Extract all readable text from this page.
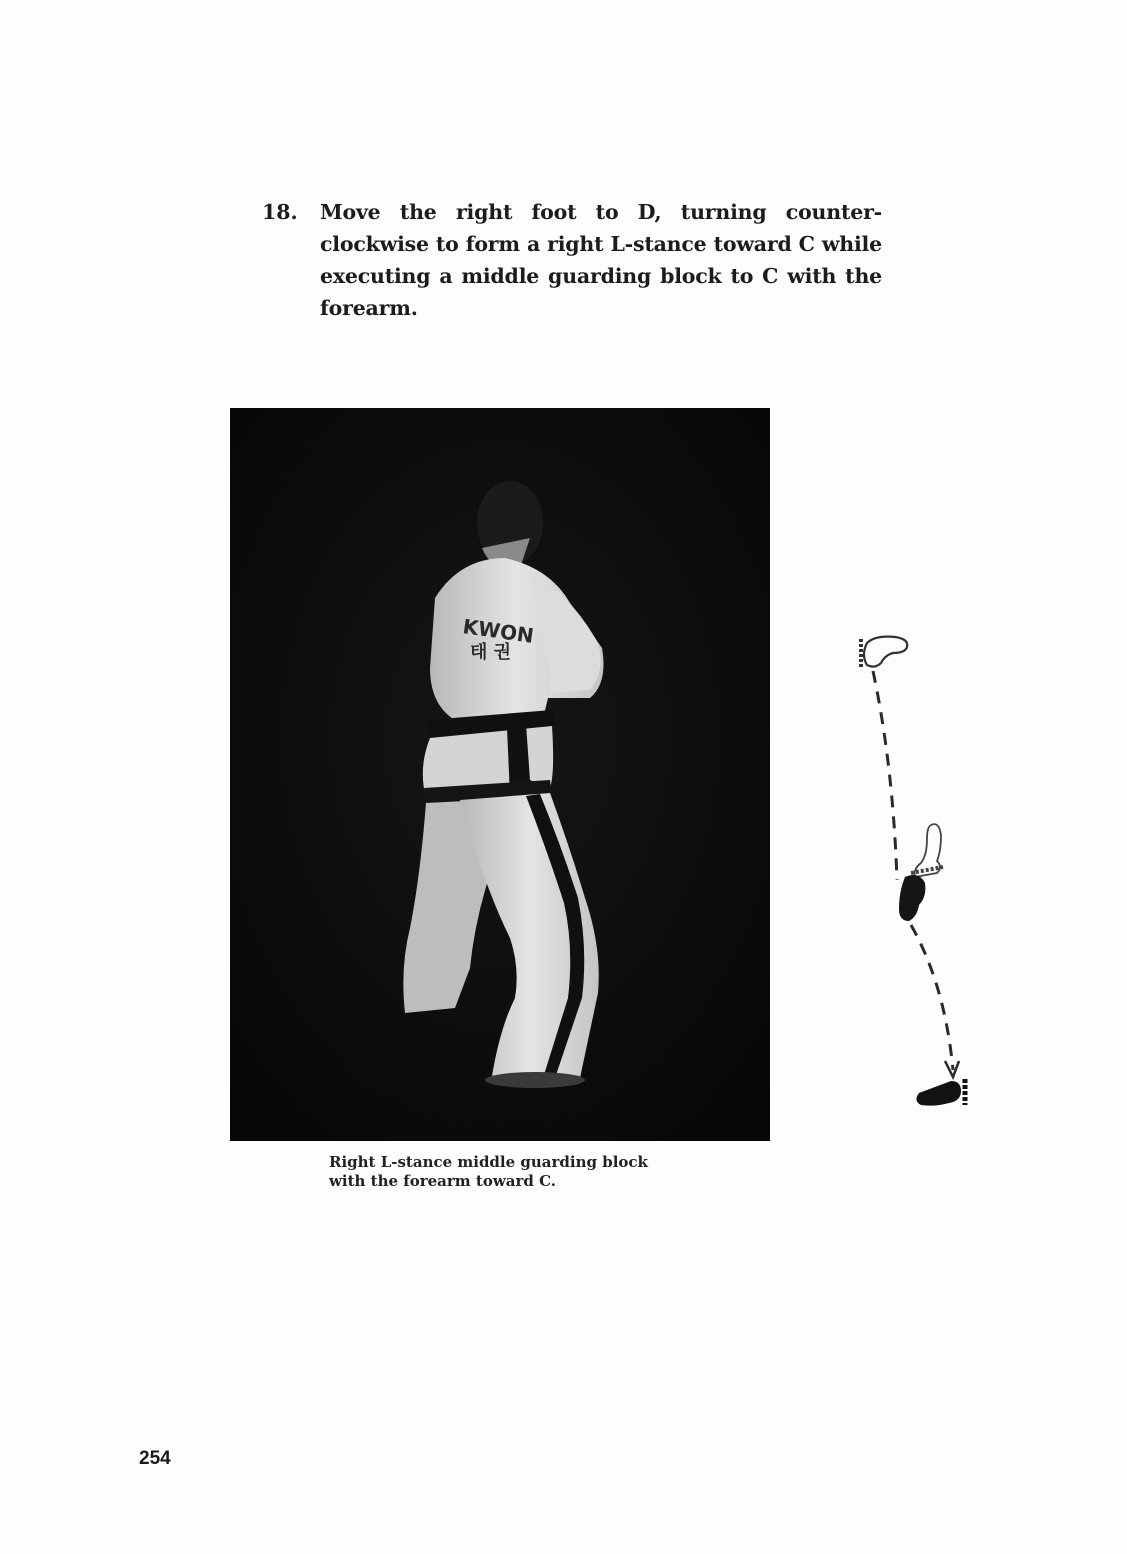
18.	Move the right foot to D, turning counter-clockwise to form a right L-stance toward C while executing a middle guarding block to C with the forearm.
KWON
태 권
Right L-stance middle guarding block
with the forearm toward C.
254
